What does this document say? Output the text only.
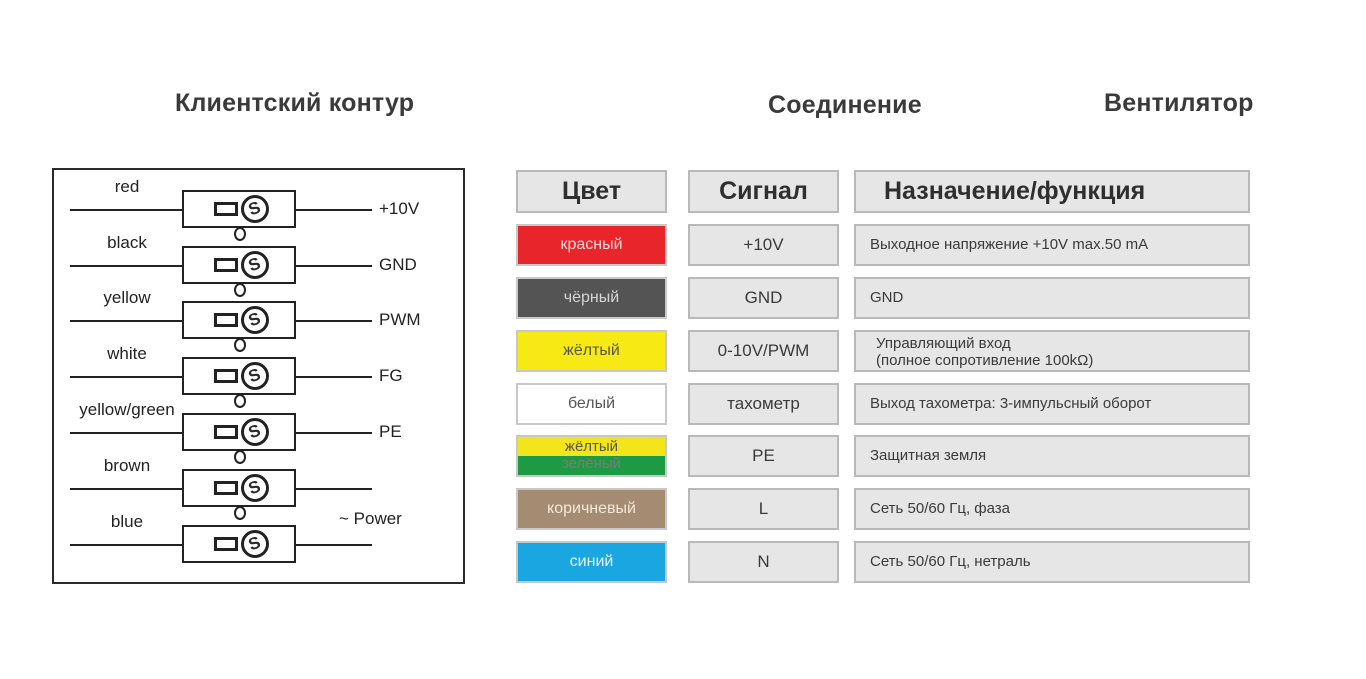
Клиентский контур	Соединение	Вентилятор
S
red
+10V
S
black
GND
S
yellow
PWM
S
white
FG
S
yellow/green
PE
S
brown
S
blue	~ Power
Цвет	Сигнал	Назначение/функция
красный	+10V	Выходное напряжение +10V max.50 mA
чёрный	GND	GND
жёлтый	0-10V/PWM	Управляющий вход
(полное сопротивление 100kΩ)
белый	тахометр	Выход тахометра: 3-импульсный оборот
жёлтый
зелёный	PE	Защитная земля
коричневый	L	Сеть 50/60 Гц, фаза
синий	N	Сеть 50/60 Гц, нетраль
